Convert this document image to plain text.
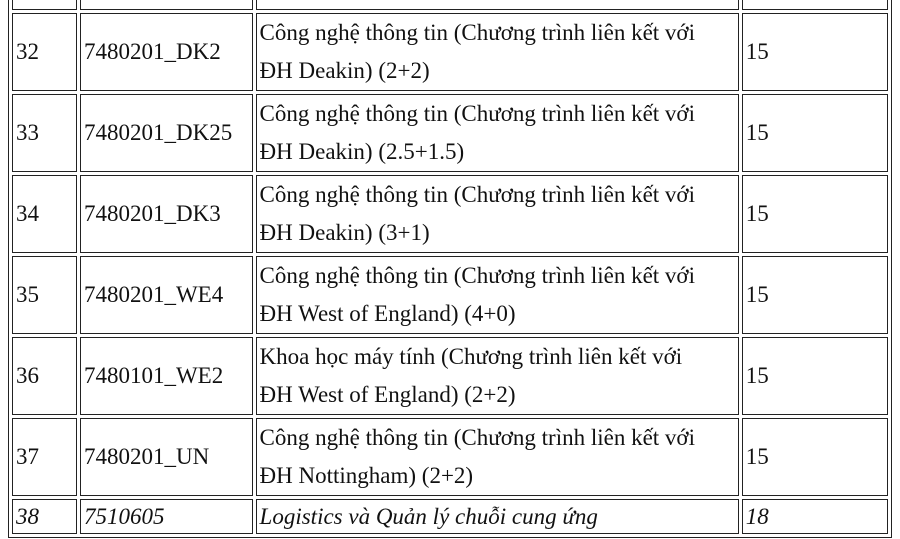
32	7480201_DK2	Công nghệ thông tin (Chương trình liên kết với
ĐH Deakin) (2+2)	15
33	7480201_DK25	Công nghệ thông tin (Chương trình liên kết với
ĐH Deakin) (2.5+1.5)	15
34	7480201_DK3	Công nghệ thông tin (Chương trình liên kết với
ĐH Deakin) (3+1)	15
35	7480201_WE4	Công nghệ thông tin (Chương trình liên kết với
ĐH West of England) (4+0)	15
36	7480101_WE2	Khoa học máy tính (Chương trình liên kết với
ĐH West of England) (2+2)	15
37	7480201_UN	Công nghệ thông tin (Chương trình liên kết với
ĐH Nottingham) (2+2)	15
38	7510605	Logistics và Quản lý chuỗi cung ứng	18
